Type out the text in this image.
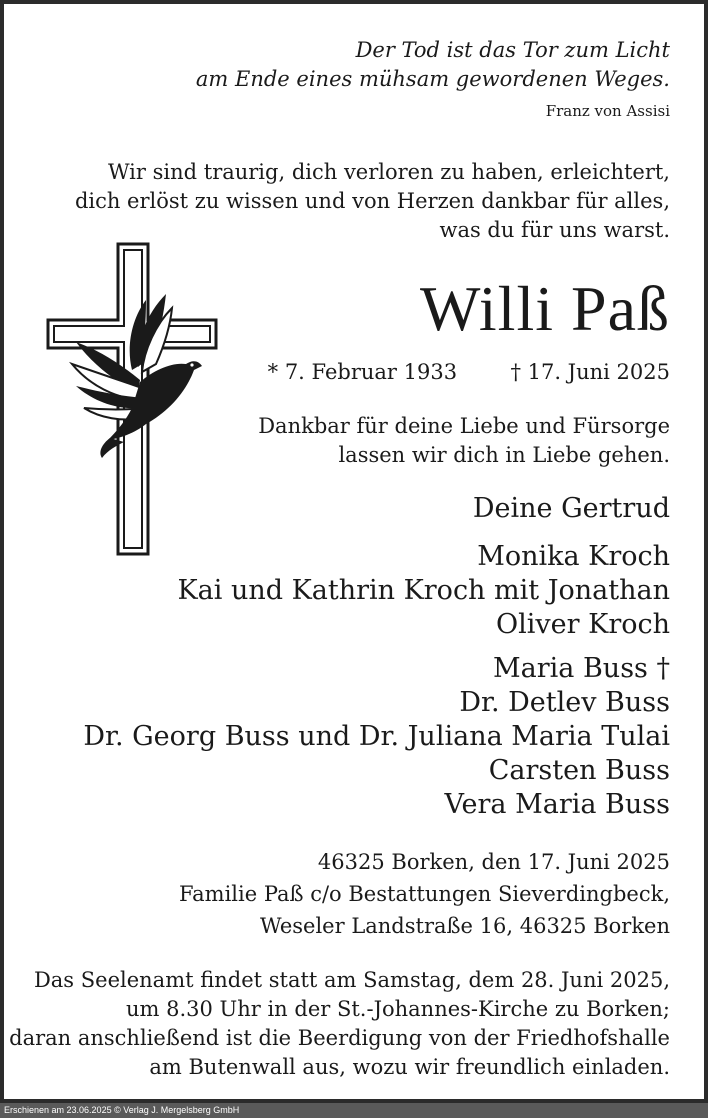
Der Tod ist das Tor zum Licht
am Ende eines mühsam gewordenen Weges.
Franz von Assisi
Wir sind traurig, dich verloren zu haben, erleichtert,
dich erlöst zu wissen und von Herzen dankbar für alles,
was du für uns warst.
Willi Paß
* 7. Februar 1933	† 17. Juni 2025
Dankbar für deine Liebe und Fürsorge
lassen wir dich in Liebe gehen.
Deine Gertrud
Monika Kroch
Kai und Kathrin Kroch mit Jonathan
Oliver Kroch
Maria Buss †
Dr. Detlev Buss
Dr. Georg Buss und Dr. Juliana Maria Tulai
Carsten Buss
Vera Maria Buss
46325 Borken, den 17. Juni 2025
Familie Paß c/o Bestattungen Sieverdingbeck,
Weseler Landstraße 16, 46325 Borken
Das Seelenamt findet statt am Samstag, dem 28. Juni 2025,
um 8.30 Uhr in der St.-Johannes-Kirche zu Borken;
daran anschließend ist die Beerdigung von der Friedhofshalle
am Butenwall aus, wozu wir freundlich einladen.
Erschienen am 23.06.2025 © Verlag J. Mergelsberg GmbH
